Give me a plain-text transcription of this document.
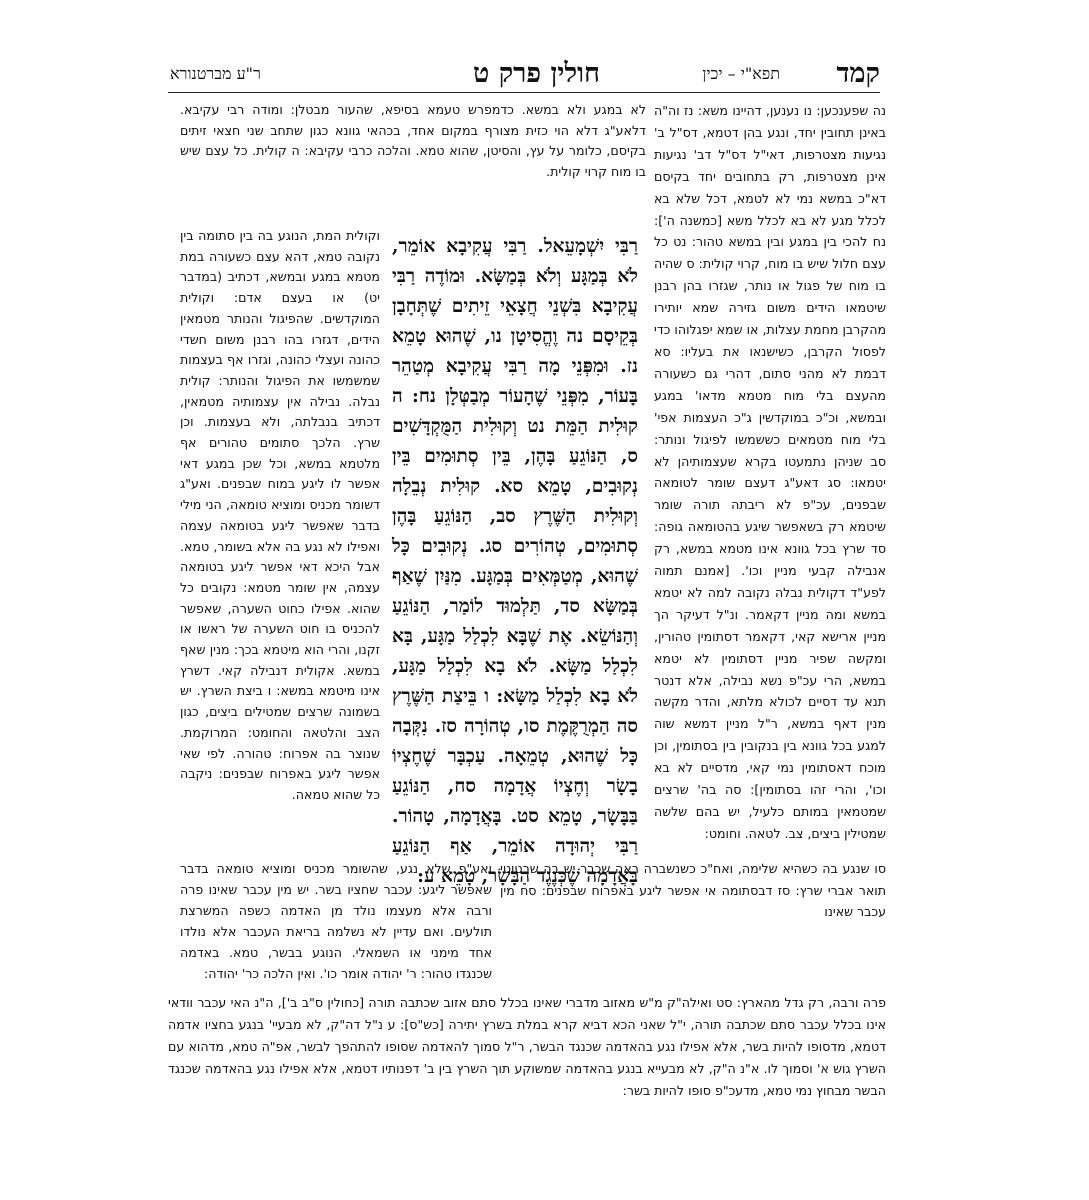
קמד
תפא"י – יכין
חולין פרק ט
ר"ע מברטנורא

נה שפענכען: נו נענען, דהיינו משא: נז וה"ה באינן תחובין יחד, ונגע בהן דטמא, דס"ל ב' נגיעות מצטרפות, דאי"ל דס"ל דב' נגיעות אינן מצטרפות, רק בתחובים יחד בקיסם דא"כ במשא נמי לא לטמא, דכל שלא בא לכלל מגע לא בא לכלל משא [כמשנה ה']: נח להכי בין במגע ובין במשא טהור: נט כל עצם חלול שיש בו מוח, קרוי קולית: ס שהיה בו מוח של פגול או נותר, שגזרו בהן רבנן שיטמאו הידים משום גזירה שמא יותירו מהקרבן מחמת עצלות, או שמא יפגלוהו כדי לפסול הקרבן, כשישנאו את בעליו: סא דבמת לא מהני סתום, דהרי גם כשעורה מהעצם בלי מוח מטמא מדאו' במגע ובמשא, וכ"כ במוקדשין ג"כ העצמות אפי' בלי מוח מטמאים כששמשו לפיגול ונותר: סב שניהן נתמעטו בקרא שעצמותיהן לא יטמאו: סג דאע"ג דעצם שומר לטומאה שבפנים, עכ"פ לא ריבתה תורה שומר שיטמא רק בשאפשר שיגע בהטומאה גופה: סד שרץ בכל גוונא אינו מטמא במשא, רק אנבילה קבעי מניין וכו'. [אמנם תמוה לפע"ד דקולית נבלה נקובה למה לא יטמא במשא ומה מניין דקאמר. ונ"ל דעיקר הך מניין ארישא קאי, דקאמר דסתומין טהורין, ומקשה שפיר מניין דסתומין לא יטמא במשא, הרי עכ"פ נשא נבילה, אלא דנטר תנא עד דסיים לכולא מלתא, והדר מקשה מנין דאף במשא, ר"ל מניין דמשא שוה למגע בכל גוונא בין בנקובין בין בסתומין, וכן מוכח דאסתומין נמי קאי, מדסיים לא בא וכו', והרי זהו בסתומין]: סה בה' שרצים שמטמאין במותם כלעיל, יש בהם שלשה שמטילין ביצים, צב. לטאה. וחומט:

לא במגע ולא במשא. כדמפרש טעמא בסיפא, שהעור מבטלן: ומודה רבי עקיבא. דלאע"ג דלא הוי כזית מצורף במקום אחד, בכהאי גוונא כגון שתחב שני חצאי זיתים בקיסם, כלומר על עץ, והסיטן, שהוא טמא. והלכה כרבי עקיבא: ה קולית. כל עצם שיש בו מוח קרוי קולית.

רַבִּי יִשְׁמָעֵאל. רַבִּי עֲקִיבָא אוֹמֵר, לֹא בְּמַגָּע וְלֹא בְּמַשָּׂא. וּמוֹדֶה רַבִּי עֲקִיבָא בִּשְׁנֵי חֲצָאֵי זֵיתִים שֶׁתְּחָבָן בְּקֵיסָם נה וֶהֱסִיטָן נו, שֶׁהוּא טָמֵא נז. וּמִפְּנֵי מָה רַבִּי עֲקִיבָא מְטַהֵר בָּעוֹר, מִפְּנֵי שֶׁהָעוֹר מְבַטְּלָן נח: ה קוּלִית הַמֵּת נט וְקוּלִית הַמֻּקְדָּשִׁים ס, הַנּוֹגֵעַ בָּהֶן, בֵּין סְתוּמִים בֵּין נְקוּבִים, טָמֵא סא. קוּלִית נְבֵלָה וְקוּלִית הַשֶּׁרֶץ סב, הַנּוֹגֵעַ בָּהֶן סְתוּמִים, טְהוֹרִים סג. נְקוּבִים כָּל שֶׁהוּא, מְטַמְּאִים בְּמַגָּע. מִנַּיִן שֶׁאַף בְּמַשָּׂא סד, תַּלְמוּד לוֹמַר, הַנּוֹגֵעַ וְהַנּוֹשֵׂא. אֶת שֶׁבָּא לִכְלַל מַגָּע, בָּא לִכְלַל מַשָּׂא. לֹא בָא לִכְלַל מַגָּע, לֹא בָא לִכְלַל מַשָּׂא: ו בֵּיצַת הַשֶּׁרֶץ סה הַמְרֻקֶּמֶת סו, טְהוֹרָה סז. נִקְּבָה כָּל שֶׁהוּא, טְמֵאָה. עַכְבָּר שֶׁחֶצְיוֹ בָשָׂר וְחֶצְיוֹ אֲדָמָה סח, הַנּוֹגֵעַ בַּבָּשָׂר, טָמֵא סט. בָּאֲדָמָה, טָהוֹר. רַבִּי יְהוּדָה אוֹמֵר, אַף הַנּוֹגֵעַ בָּאֲדָמָה שֶׁכְּנֶגֶד הַבָּשָׂר, טָמֵא ע:

וקולית המת, הנוגע בה בין סתומה בין נקובה טמא, דהא עצם כשעורה במת מטמא במגע ובמשא, דכתיב (במדבר יט) או בעצם אדם: וקולית המוקדשים. שהפיגול והנותר מטמאין הידים, דגזרו בהו רבנן משום חשדי כהונה ועצלי כהונה, וגזרו אף בעצמות שמשמשו את הפיגול והנותר: קולית נבלה. נבילה אין עצמותיה מטמאין, דכתיב בנבלתה, ולא בעצמות. וכן שרץ. הלכך סתומים טהורים אף מלטמא במשא, וכל שכן במגע דאי אפשר לו ליגע במוח שבפנים. ואע"ג דשומר מכניס ומוציא טומאה, הני מילי בדבר שאפשר ליגע בטומאה עצמה ואפילו לא נגע בה אלא בשומר, טמא. אבל היכא דאי אפשר ליגע בטומאה עצמה, אין שומר מטמא: נקובים כל שהוא. אפילו כחוט השערה, שאפשר להכניס בו חוט השערה של ראשו או זקנו, והרי הוא מיטמא בכך: מנין שאף במשא. אקולית דנבילה קאי. דשרץ אינו מיטמא במשא: ו ביצת השרץ. יש בשמונה שרצים שמטילים ביצים, כגון הצב והלטאה והחומט: המרוקמת. שנוצר בה אפרוח: טהורה. לפי שאי אפשר ליגע באפרוח שבפנים: ניקבה כל שהוא טמאה.

סו שנגע בה כשהיא שלימה, ואח"כ כשנשברה ראה שכבר יש בה שרטוטי תואר אברי שרץ: סז דבסתומה אי אפשר ליגע באפרוח שבפנים: סח מין עכבר שאינו

ואע"פ שלא נגע, שהשומר מכניס ומוציא טומאה בדבר שאפשר ליגע: עכבר שחציו בשר. יש מין עכבר שאינו פרה ורבה אלא מעצמו נולד מן האדמה כשפה המשרצת תולעים. ואם עדיין לא נשלמה בריאת העכבר אלא נולדו אחד מימני או השמאלי. הנוגע בבשר, טמא. באדמה שכנגדו טהור: ר' יהודה אומר כו'. ואין הלכה כר' יהודה:

פרה ורבה, רק גדל מהארץ: סט ואילה"ק מ"ש מאזוב מדברי שאינו בכלל סתם אזוב שכתבה תורה [כחולין ס"ב ב'], ה"נ האי עכבר וודאי אינו בכלל עכבר סתם שכתבה תורה, י"ל שאני הכא דביא קרא במלת בשרץ יתירה [כש"ס]: ע נ"ל דה"ק, לא מבעיי' בנגע בחציו אדמה דטמא, מדסופו להיות בשר, אלא אפילו נגע בהאדמה שכנגד הבשר, ר"ל סמוך להאדמה שסופו להתהפך לבשר, אפ"ה טמא, מדהוא עם השרץ גוש א' וסמוך לו. א"נ ה"ק, לא מבעייא בנגע בהאדמה שמשוקע תוך השרץ בין ב' דפנותיו דטמא, אלא אפילו נגע בהאדמה שכנגד הבשר מבחוץ נמי טמא, מדעכ"פ סופו להיות בשר:
